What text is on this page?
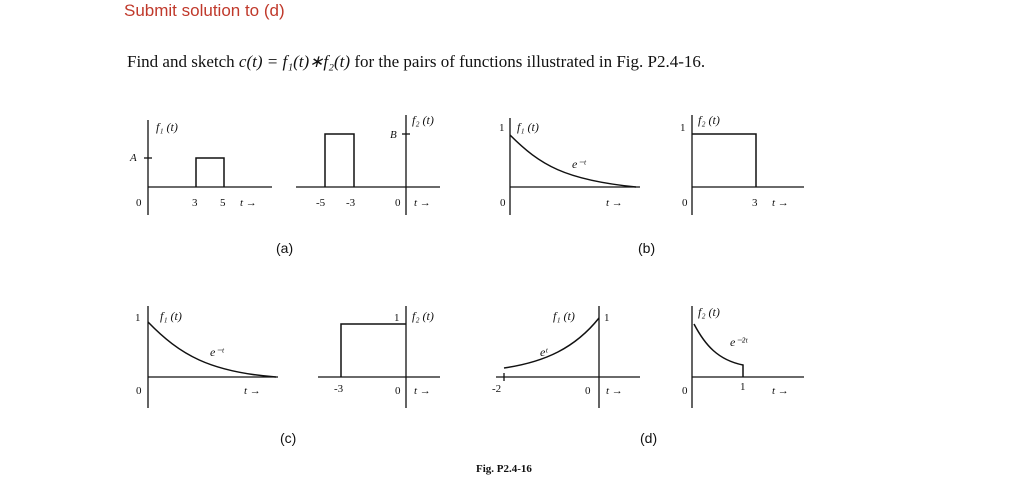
Submit solution to (d)
Find and sketch c(t) = f₁(t)∗f₂(t) for the pairs of functions illustrated in Fig. P2.4-16.
f₁ (t)
A
0	3 5 t →
f₂ (t)
B
-5 -3	0 t →
(a)
1 f₁ (t)
e⁻ᵗ
0	t →
1
f₂ (t)
0	3 t →
(b)
1 f₁ (t)
e⁻ᵗ
0	t →
1 f₂ (t)
-3	0 t →
(c)
f₁ (t)	1
eᵗ
-2	0 t →
f₂ (t)
e⁻²ᵗ
0	1 t →
(d)
Fig. P2.4-16
